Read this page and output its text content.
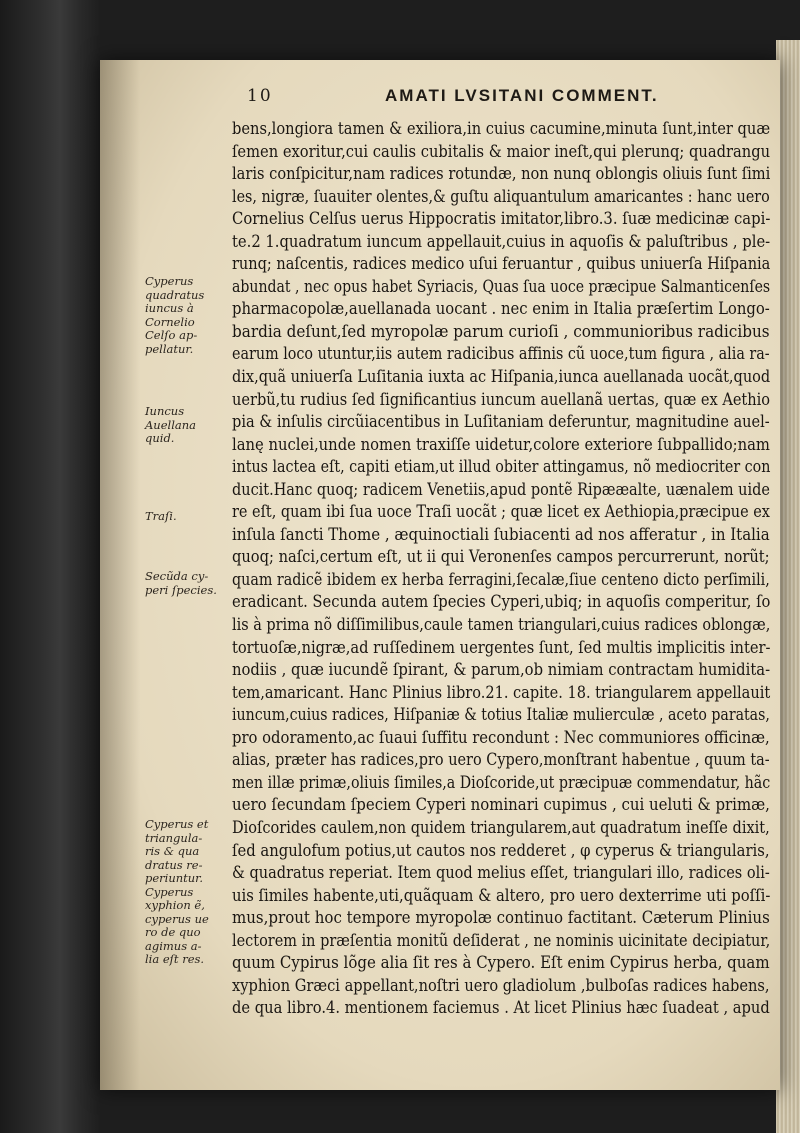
10	AMATI LVSITANI COMMENT.
Cyperus
quadratus
iuncus à
Cornelio
Celſo ap-
pellatur.
Iuncus
Auellana
quid.
Traſi.
Secũda cy-
peri ſpecies.
Cyperus et
triangula-
ris & qua
dratus re-
periuntur.
Cyperus
xyphion ẽ,
cyperus ue
ro de quo
agimus a-
lia eſt res.
bens,longiora tamen & exiliora,in cuius cacumine,minuta ſunt,inter quæ
ſemen exoritur,cui caulis cubitalis & maior ineſt,qui plerunq; quadrangu
laris conſpicitur,nam radices rotundæ, non nunq oblongis oliuis ſunt ſimi
les, nigræ, ſuauiter olentes,& guſtu aliquantulum amaricantes : hanc uero
Cornelius Celſus uerus Hippocratis imitator,libro.3. ſuæ medicinæ capi-
te.2 1.quadratum iuncum appellauit,cuius in aquoſis & paluſtribus , ple-
runq; naſcentis, radices medico uſui feruantur , quibus uniuerſa Hiſpania
abundat , nec opus habet Syriacis, Quas ſua uoce præcipue Salmanticenſes
pharmacopolæ,auellanada uocant . nec enim in Italia præſertim Longo-
bardia deſunt,ſed myropolæ parum curioſi , communioribus radicibus
earum loco utuntur,iis autem radicibus affinis cũ uoce,tum figura , alia ra-
dix,quã uniuerſa Luſitania iuxta ac Hiſpania,iunca auellanada uocãt,quod
uerbũ,tu rudius ſed ſignificantius iuncum auellanã uertas, quæ ex Aethio
pia & inſulis circũiacentibus in Luſitaniam deferuntur, magnitudine auel-
lanę nuclei,unde nomen traxiſſe uidetur,colore exteriore ſubpallido;nam
intus lactea eſt, capiti etiam,ut illud obiter attingamus, nõ mediocriter con
ducit.Hanc quoq; radicem Venetiis,apud pontẽ Ripææalte, uænalem uide
re eſt, quam ibi ſua uoce Traſi uocãt ; quæ licet ex Aethiopia,præcipue ex
inſula ſancti Thome , æquinoctiali ſubiacenti ad nos afferatur , in Italia
quoq; naſci,certum eſt, ut ii qui Veronenſes campos percurrerunt, norũt;
quam radicẽ ibidem ex herba ferragini,ſecalæ,ſiue centeno dicto perſimili,
eradicant. Secunda autem ſpecies Cyperi,ubiq; in aquoſis comperitur, ſo
lis à prima nõ diſſimilibus,caule tamen triangulari,cuius radices oblongæ,
tortuoſæ,nigræ,ad ruſſedinem uergentes ſunt, ſed multis implicitis inter-
nodiis , quæ iucundẽ ſpirant, & parum,ob nimiam contractam humidita-
tem,amaricant. Hanc Plinius libro.21. capite. 18. triangularem appellauit
iuncum,cuius radices, Hiſpaniæ & totius Italiæ mulierculæ , aceto paratas,
pro odoramento,ac ſuaui ſuffitu recondunt : Nec communiores officinæ,
alias, præter has radices,pro uero Cypero,monſtrant habentue , quum ta-
men illæ primæ,oliuis ſimiles,a Dioſcoride,ut præcipuæ commendatur, hãc
uero ſecundam ſpeciem Cyperi nominari cupimus , cui ueluti & primæ,
Dioſcorides caulem,non quidem triangularem,aut quadratum ineſſe dixit,
ſed angulofum potius,ut cautos nos redderet , φ cyperus & triangularis,
& quadratus reperiat. Item quod melius eſſet, triangulari illo, radices oli-
uis ſimiles habente,uti,quãquam & altero, pro uero dexterrime uti poſſi-
mus,prout hoc tempore myropolæ continuo factitant. Cæterum Plinius
lectorem in præſentia monitũ deſiderat , ne nominis uicinitate decipiatur,
quum Cypirus lõge alia ſit res à Cypero. Eſt enim Cypirus herba, quam
xyphion Græci appellant,noſtri uero gladiolum ,bulboſas radices habens,
de qua libro.4. mentionem faciemus . At licet Plinius hæc ſuadeat , apud
